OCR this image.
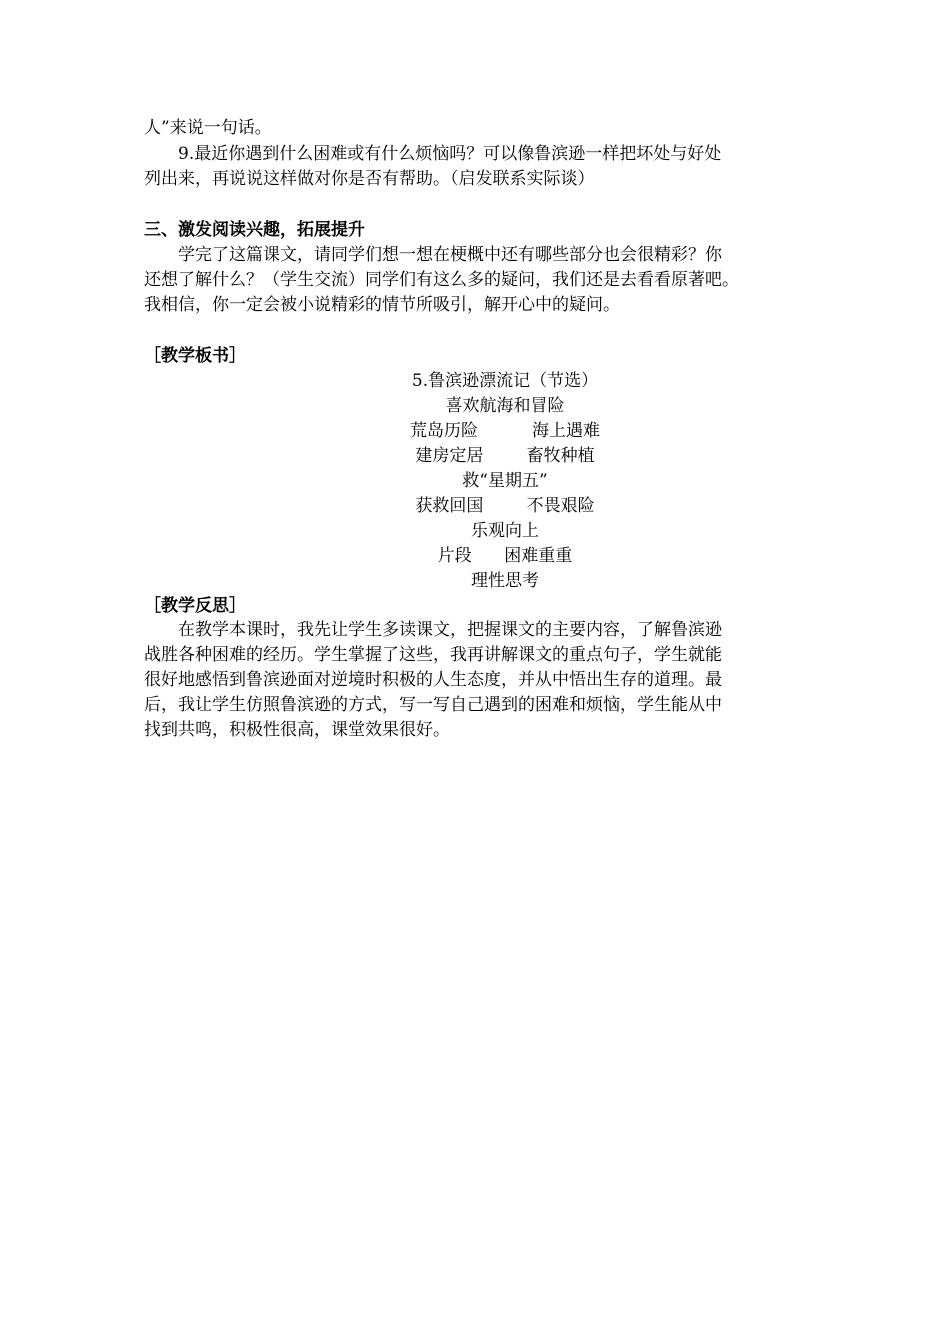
人”来说一句话。
9.最近你遇到什么困难或有什么烦恼吗？可以像鲁滨逊一样把坏处与好处
列出来，再说说这样做对你是否有帮助。（启发联系实际谈）
三、激发阅读兴趣，拓展提升
学完了这篇课文，请同学们想一想在梗概中还有哪些部分也会很精彩？你
还想了解什么？（学生交流）同学们有这么多的疑问，我们还是去看看原著吧。
我相信，你一定会被小说精彩的情节所吸引，解开心中的疑问。
［教学板书］
5.鲁滨逊漂流记（节选）
喜欢航海和冒险
荒岛历险          海上遇难
建房定居        畜牧种植
救“星期五”
获救回国        不畏艰险
乐观向上
片段      困难重重
理性思考
［教学反思］
在教学本课时，我先让学生多读课文，把握课文的主要内容，了解鲁滨逊
战胜各种困难的经历。学生掌握了这些，我再讲解课文的重点句子，学生就能
很好地感悟到鲁滨逊面对逆境时积极的人生态度，并从中悟出生存的道理。最
后，我让学生仿照鲁滨逊的方式，写一写自己遇到的困难和烦恼，学生能从中
找到共鸣，积极性很高，课堂效果很好。
